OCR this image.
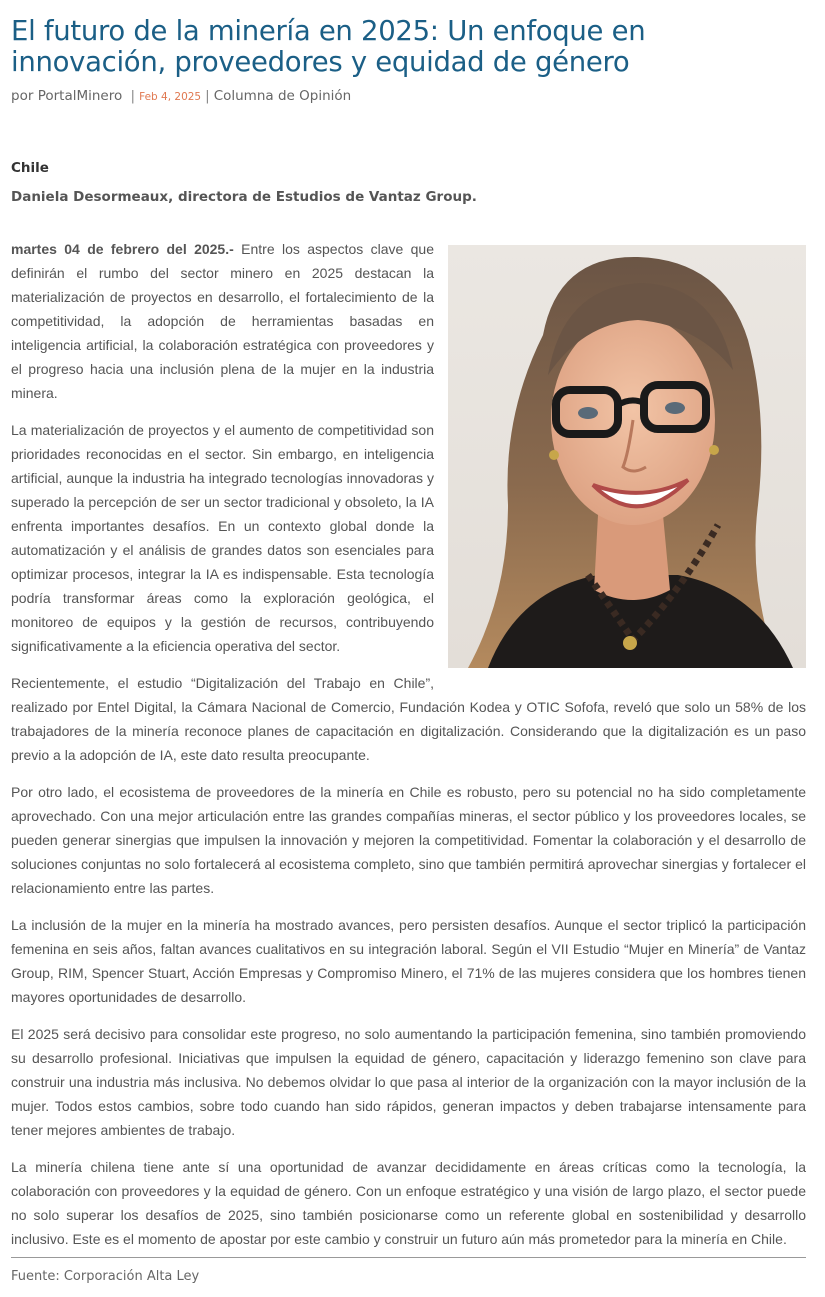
El futuro de la minería en 2025: Un enfoque en innovación, proveedores y equidad de género
por PortalMinero | Feb 4, 2025 | Columna de Opinión
Chile
Daniela Desormeaux, directora de Estudios de Vantaz Group.

martes 04 de febrero del 2025.- Entre los aspectos clave que definirán el rumbo del sector minero en 2025 destacan la materialización de proyectos en desarrollo, el fortalecimiento de la competitividad, la adopción de herramientas basadas en inteligencia artificial, la colaboración estratégica con proveedores y el progreso hacia una inclusión plena de la mujer en la industria minera.

La materialización de proyectos y el aumento de competitividad son prioridades reconocidas en el sector. Sin embargo, en inteligencia artificial, aunque la industria ha integrado tecnologías innovadoras y superado la percepción de ser un sector tradicional y obsoleto, la IA enfrenta importantes desafíos. En un contexto global donde la automatización y el análisis de grandes datos son esenciales para optimizar procesos, integrar la IA es indispensable. Esta tecnología podría transformar áreas como la exploración geológica, el monitoreo de equipos y la gestión de recursos, contribuyendo significativamente a la eficiencia operativa del sector.

Recientemente, el estudio “Digitalización del Trabajo en Chile”, realizado por Entel Digital, la Cámara Nacional de Comercio, Fundación Kodea y OTIC Sofofa, reveló que solo un 58% de los trabajadores de la minería reconoce planes de capacitación en digitalización. Considerando que la digitalización es un paso previo a la adopción de IA, este dato resulta preocupante.

Por otro lado, el ecosistema de proveedores de la minería en Chile es robusto, pero su potencial no ha sido completamente aprovechado. Con una mejor articulación entre las grandes compañías mineras, el sector público y los proveedores locales, se pueden generar sinergias que impulsen la innovación y mejoren la competitividad. Fomentar la colaboración y el desarrollo de soluciones conjuntas no solo fortalecerá al ecosistema completo, sino que también permitirá aprovechar sinergias y fortalecer el relacionamiento entre las partes.

La inclusión de la mujer en la minería ha mostrado avances, pero persisten desafíos. Aunque el sector triplicó la participación femenina en seis años, faltan avances cualitativos en su integración laboral. Según el VII Estudio “Mujer en Minería” de Vantaz Group, RIM, Spencer Stuart, Acción Empresas y Compromiso Minero, el 71% de las mujeres considera que los hombres tienen mayores oportunidades de desarrollo.

El 2025 será decisivo para consolidar este progreso, no solo aumentando la participación femenina, sino también promoviendo su desarrollo profesional. Iniciativas que impulsen la equidad de género, capacitación y liderazgo femenino son clave para construir una industria más inclusiva. No debemos olvidar lo que pasa al interior de la organización con la mayor inclusión de la mujer. Todos estos cambios, sobre todo cuando han sido rápidos, generan impactos y deben trabajarse intensamente para tener mejores ambientes de trabajo.

La minería chilena tiene ante sí una oportunidad de avanzar decididamente en áreas críticas como la tecnología, la colaboración con proveedores y la equidad de género. Con un enfoque estratégico y una visión de largo plazo, el sector puede no solo superar los desafíos de 2025, sino también posicionarse como un referente global en sostenibilidad y desarrollo inclusivo. Este es el momento de apostar por este cambio y construir un futuro aún más prometedor para la minería en Chile.

Fuente: Corporación Alta Ley
